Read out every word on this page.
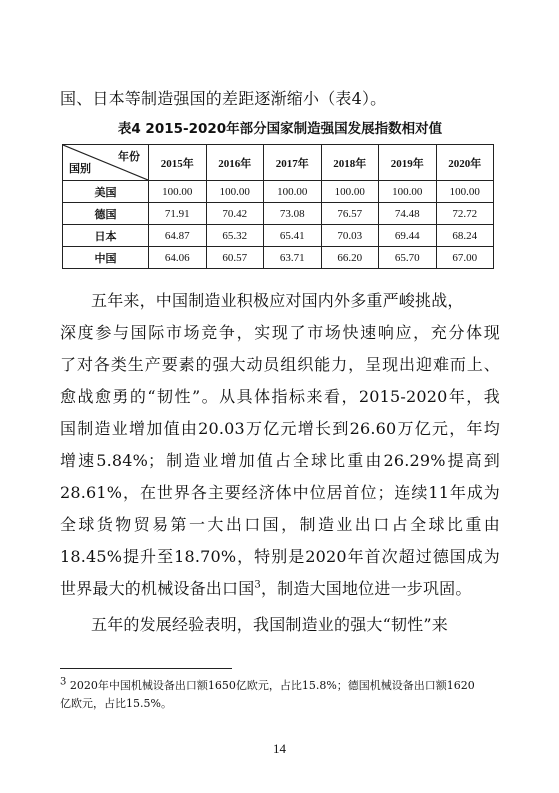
国、日本等制造强国的差距逐渐缩小（表4）。
表4 2015-2020年部分国家制造强国发展指数相对值
年份
国别	2015年	2016年	2017年	2018年	2019年	2020年
美国	100.00	100.00	100.00	100.00	100.00	100.00
德国	71.91	70.42	73.08	76.57	74.48	72.72
日本	64.87	65.32	65.41	70.03	69.44	68.24
中国	64.06	60.57	63.71	66.20	65.70	67.00
五年来，中国制造业积极应对国内外多重严峻挑战，
深度参与国际市场竞争，实现了市场快速响应，充分体现
了对各类生产要素的强大动员组织能力，呈现出迎难而上、
愈战愈勇的“韧性”。从具体指标来看，2015-2020年，我
国制造业增加值由20.03万亿元增长到26.60万亿元，年均
增速5.84%；制造业增加值占全球比重由26.29%提高到
28.61%，在世界各主要经济体中位居首位；连续11年成为
全球货物贸易第一大出口国，制造业出口占全球比重由
18.45%提升至18.70%，特别是2020年首次超过德国成为
世界最大的机械设备出口国$^3$，制造大国地位进一步巩固。
五年的发展经验表明，我国制造业的强大“韧性”来
$^3$ 2020年中国机械设备出口额1650亿欧元，占比15.8%；德国机械设备出口额1620
亿欧元，占比15.5%。
14
